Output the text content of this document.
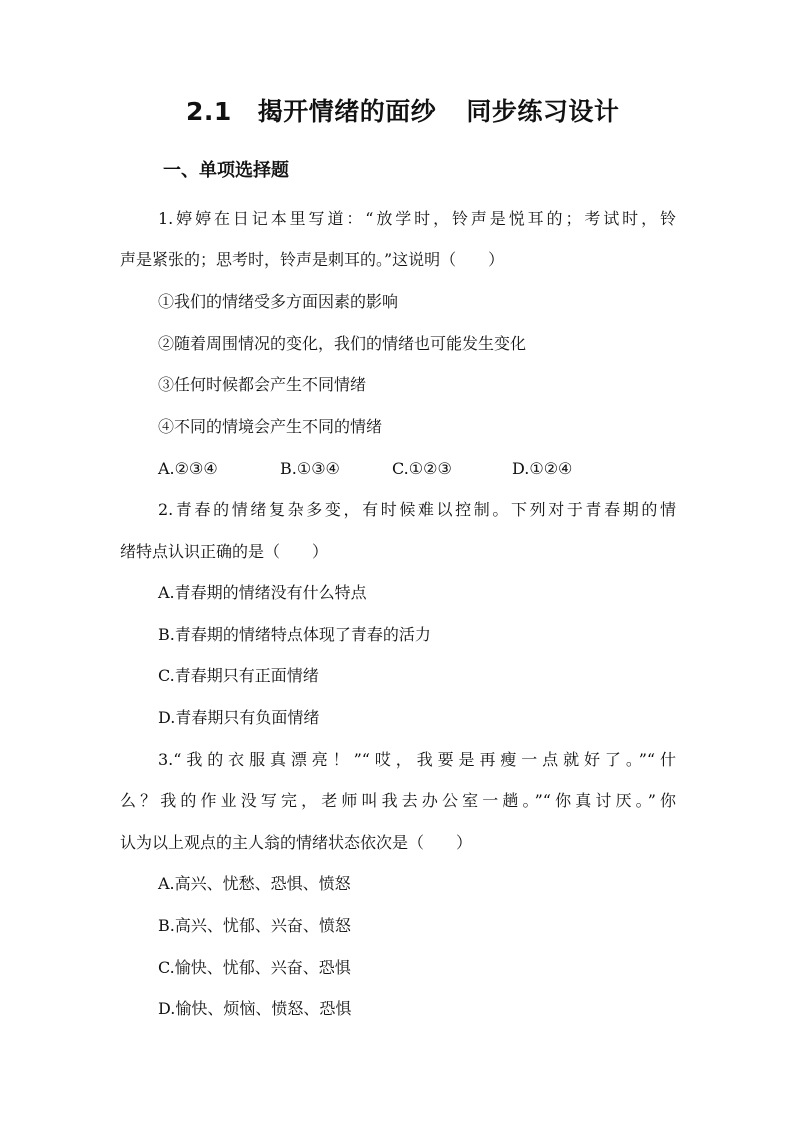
2.1 揭开情绪的面纱 同步练习设计
一、单项选择题
1.婷婷在日记本里写道：“放学时，铃声是悦耳的；考试时，铃
声是紧张的；思考时，铃声是刺耳的。”这说明（　　）
①我们的情绪受多方面因素的影响
②随着周围情况的变化，我们的情绪也可能发生变化
③任何时候都会产生不同情绪
④不同的情境会产生不同的情绪
A.②③④	B.①③④	C.①②③	D.①②④
2.青春的情绪复杂多变，有时候难以控制。下列对于青春期的情
绪特点认识正确的是（　　）
A.青春期的情绪没有什么特点
B.青春期的情绪特点体现了青春的活力
C.青春期只有正面情绪
D.青春期只有负面情绪
3.“我的衣服真漂亮！”“哎，我要是再瘦一点就好了。”“什
么？我的作业没写完，老师叫我去办公室一趟。”“你真讨厌。”你
认为以上观点的主人翁的情绪状态依次是（　　）
A.高兴、忧愁、恐惧、愤怒
B.高兴、忧郁、兴奋、愤怒
C.愉快、忧郁、兴奋、恐惧
D.愉快、烦恼、愤怒、恐惧
